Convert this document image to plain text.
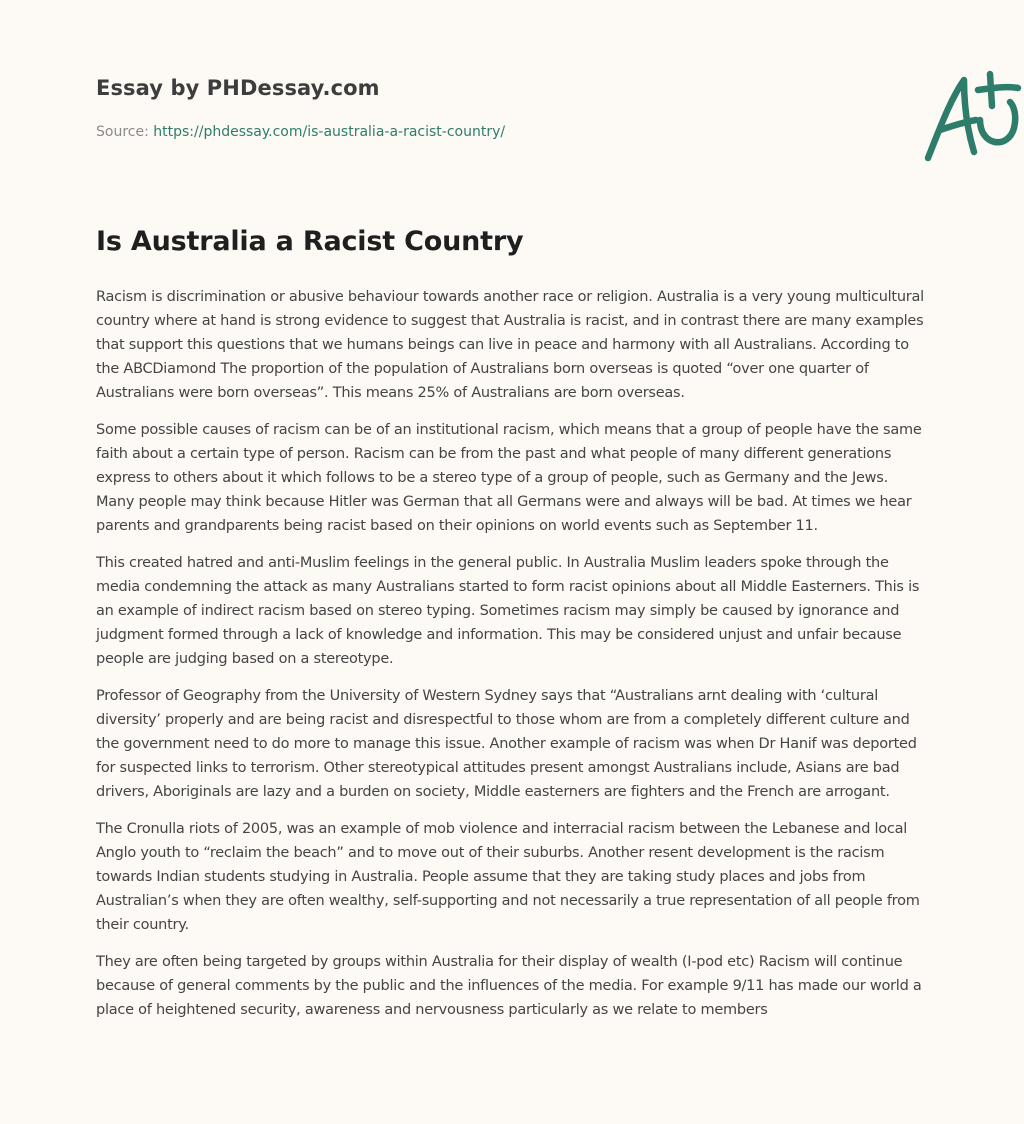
Essay by PHDessay.com
Source: https://phdessay.com/is-australia-a-racist-country/
Is Australia a Racist Country

Racism is discrimination or abusive behaviour towards another race or religion. Australia is a very young multicultural country where at hand is strong evidence to suggest that Australia is racist, and in contrast there are many examples that support this questions that we humans beings can live in peace and harmony with all Australians. According to the ABCDiamond The proportion of the population of Australians born overseas is quoted “over one quarter of Australians were born overseas”. This means 25% of Australians are born overseas.

Some possible causes of racism can be of an institutional racism, which means that a group of people have the same faith about a certain type of person. Racism can be from the past and what people of many different generations express to others about it which follows to be a stereo type of a group of people, such as Germany and the Jews. Many people may think because Hitler was German that all Germans were and always will be bad. At times we hear parents and grandparents being racist based on their opinions on world events such as September 11.

This created hatred and anti-Muslim feelings in the general public. In Australia Muslim leaders spoke through the media condemning the attack as many Australians started to form racist opinions about all Middle Easterners. This is an example of indirect racism based on stereo typing. Sometimes racism may simply be caused by ignorance and judgment formed through a lack of knowledge and information. This may be considered unjust and unfair because people are judging based on a stereotype.

Professor of Geography from the University of Western Sydney says that “Australians arnt dealing with ‘cultural diversity’ properly and are being racist and disrespectful to those whom are from a completely different culture and the government need to do more to manage this issue. Another example of racism was when Dr Hanif was deported for suspected links to terrorism. Other stereotypical attitudes present amongst Australians include, Asians are bad drivers, Aboriginals are lazy and a burden on society, Middle easterners are fighters and the French are arrogant.

The Cronulla riots of 2005, was an example of mob violence and interracial racism between the Lebanese and local Anglo youth to “reclaim the beach” and to move out of their suburbs. Another resent development is the racism towards Indian students studying in Australia. People assume that they are taking study places and jobs from Australian’s when they are often wealthy, self-supporting and not necessarily a true representation of all people from their country.

They are often being targeted by groups within Australia for their display of wealth (I-pod etc) Racism will continue because of general comments by the public and the influences of the media. For example 9/11 has made our world a place of heightened security, awareness and nervousness particularly as we relate to members
